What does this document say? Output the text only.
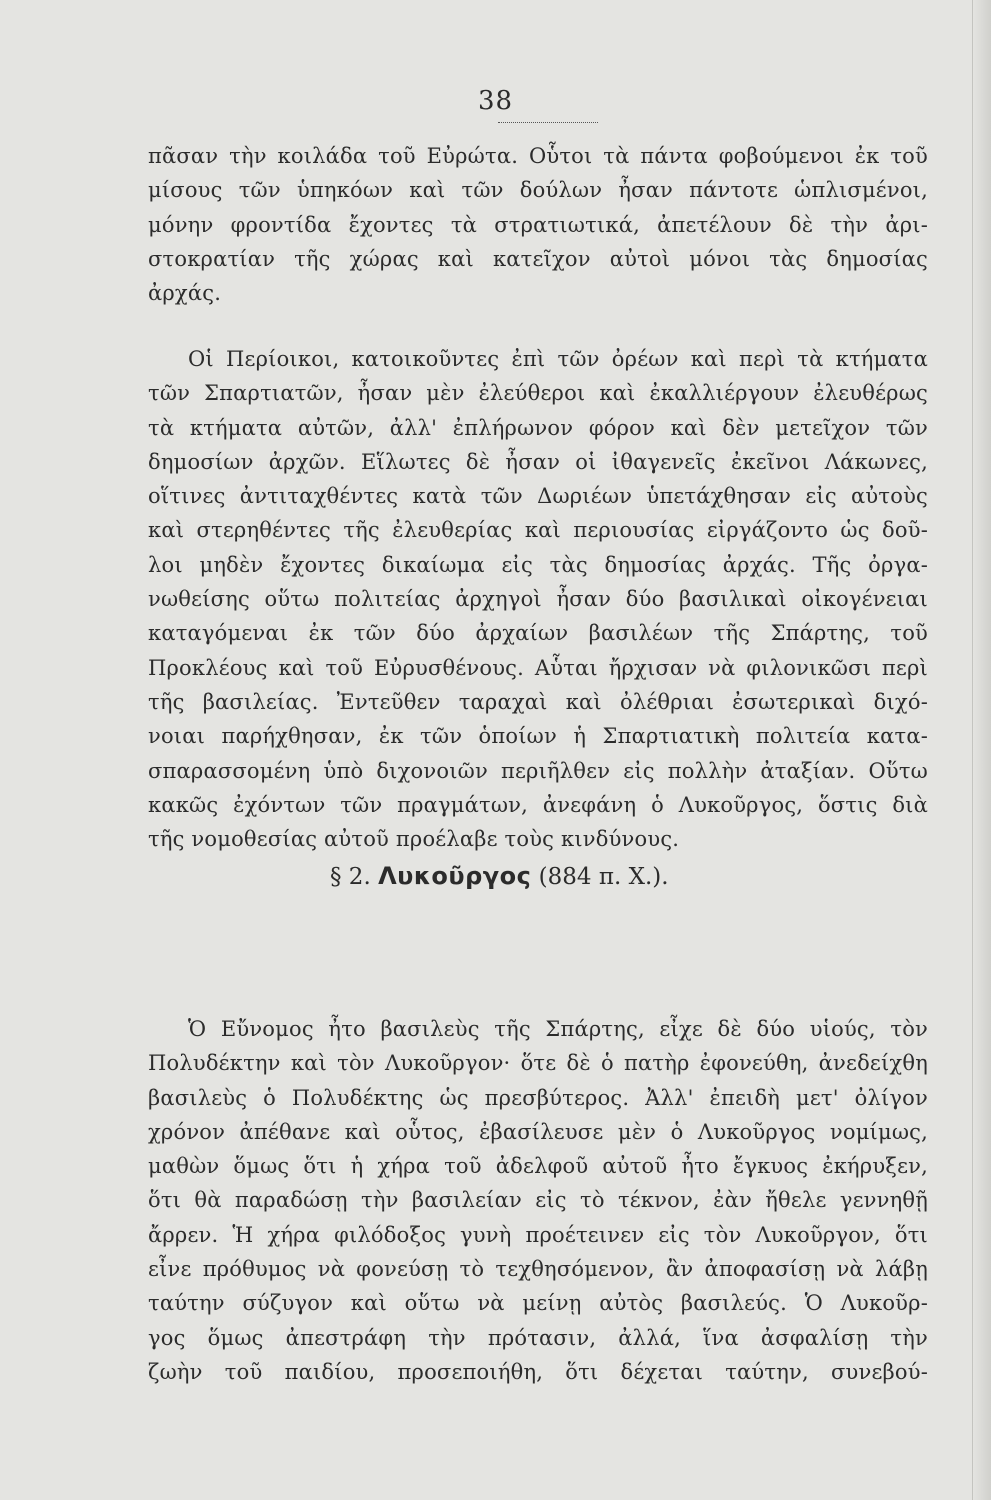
38
πᾶσαν τὴν κοιλάδα τοῦ Εὐρώτα. Οὗτοι τὰ πάντα φοβούμενοι ἐκ τοῦ
μίσους τῶν ὑπηκόων καὶ τῶν δούλων ἦσαν πάντοτε ὡπλισμένοι,
μόνην φροντίδα ἔχοντες τὰ στρατιωτικά, ἀπετέλουν δὲ τὴν ἀρι-
στοκρατίαν τῆς χώρας καὶ κατεῖχον αὐτοὶ μόνοι τὰς δημοσίας
ἀρχάς.
Οἱ Περίοικοι, κατοικοῦντες ἐπὶ τῶν ὀρέων καὶ περὶ τὰ κτήματα
τῶν Σπαρτιατῶν, ἦσαν μὲν ἐλεύθεροι καὶ ἐκαλλιέργουν ἐλευθέρως
τὰ κτήματα αὐτῶν, ἀλλ' ἐπλήρωνον φόρον καὶ δὲν μετεῖχον τῶν
δημοσίων ἀρχῶν. Εἵλωτες δὲ ἦσαν οἱ ἰθαγενεῖς ἐκεῖνοι Λάκωνες,
οἵτινες ἀντιταχθέντες κατὰ τῶν Δωριέων ὑπετάχθησαν εἰς αὐτοὺς
καὶ στερηθέντες τῆς ἐλευθερίας καὶ περιουσίας εἰργάζοντο ὡς δοῦ-
λοι μηδὲν ἔχοντες δικαίωμα εἰς τὰς δημοσίας ἀρχάς. Τῆς ὀργα-
νωθείσης οὕτω πολιτείας ἀρχηγοὶ ἦσαν δύο βασιλικαὶ οἰκογένειαι
καταγόμεναι ἐκ τῶν δύο ἀρχαίων βασιλέων τῆς Σπάρτης, τοῦ
Προκλέους καὶ τοῦ Εὐρυσθένους. Αὗται ἤρχισαν νὰ φιλονικῶσι περὶ
τῆς βασιλείας. Ἐντεῦθεν ταραχαὶ καὶ ὀλέθριαι ἐσωτερικαὶ διχό-
νοιαι παρήχθησαν, ἐκ τῶν ὁποίων ἡ Σπαρτιατικὴ πολιτεία κατα-
σπαρασσομένη ὑπὸ διχονοιῶν περιῆλθεν εἰς πολλὴν ἀταξίαν. Οὕτω
κακῶς ἐχόντων τῶν πραγμάτων, ἀνεφάνη ὁ Λυκοῦργος, ὅστις διὰ
τῆς νομοθεσίας αὐτοῦ προέλαβε τοὺς κινδύνους.
§ 2. Λυκοῦργος (884 π. Χ.).
Ὁ Εὔνομος ἦτο βασιλεὺς τῆς Σπάρτης, εἶχε δὲ δύο υἱούς, τὸν
Πολυδέκτην καὶ τὸν Λυκοῦργον· ὅτε δὲ ὁ πατὴρ ἐφονεύθη, ἀνεδείχθη
βασιλεὺς ὁ Πολυδέκτης ὡς πρεσβύτερος. Ἀλλ' ἐπειδὴ μετ' ὀλίγον
χρόνον ἀπέθανε καὶ οὗτος, ἐβασίλευσε μὲν ὁ Λυκοῦργος νομίμως,
μαθὼν ὅμως ὅτι ἡ χήρα τοῦ ἀδελφοῦ αὐτοῦ ἦτο ἔγκυος ἐκήρυξεν,
ὅτι θὰ παραδώσῃ τὴν βασιλείαν εἰς τὸ τέκνον, ἐὰν ἤθελε γεννηθῇ
ἄρρεν. Ἡ χήρα φιλόδοξος γυνὴ προέτεινεν εἰς τὸν Λυκοῦργον, ὅτι
εἶνε πρόθυμος νὰ φονεύσῃ τὸ τεχθησόμενον, ἂν ἀποφασίσῃ νὰ λάβῃ
ταύτην σύζυγον καὶ οὕτω νὰ μείνῃ αὐτὸς βασιλεύς. Ὁ Λυκοῦρ-
γος ὅμως ἀπεστράφη τὴν πρότασιν, ἀλλά, ἵνα ἀσφαλίσῃ τὴν
ζωὴν τοῦ παιδίου, προσεποιήθη, ὅτι δέχεται ταύτην, συνεβού-
